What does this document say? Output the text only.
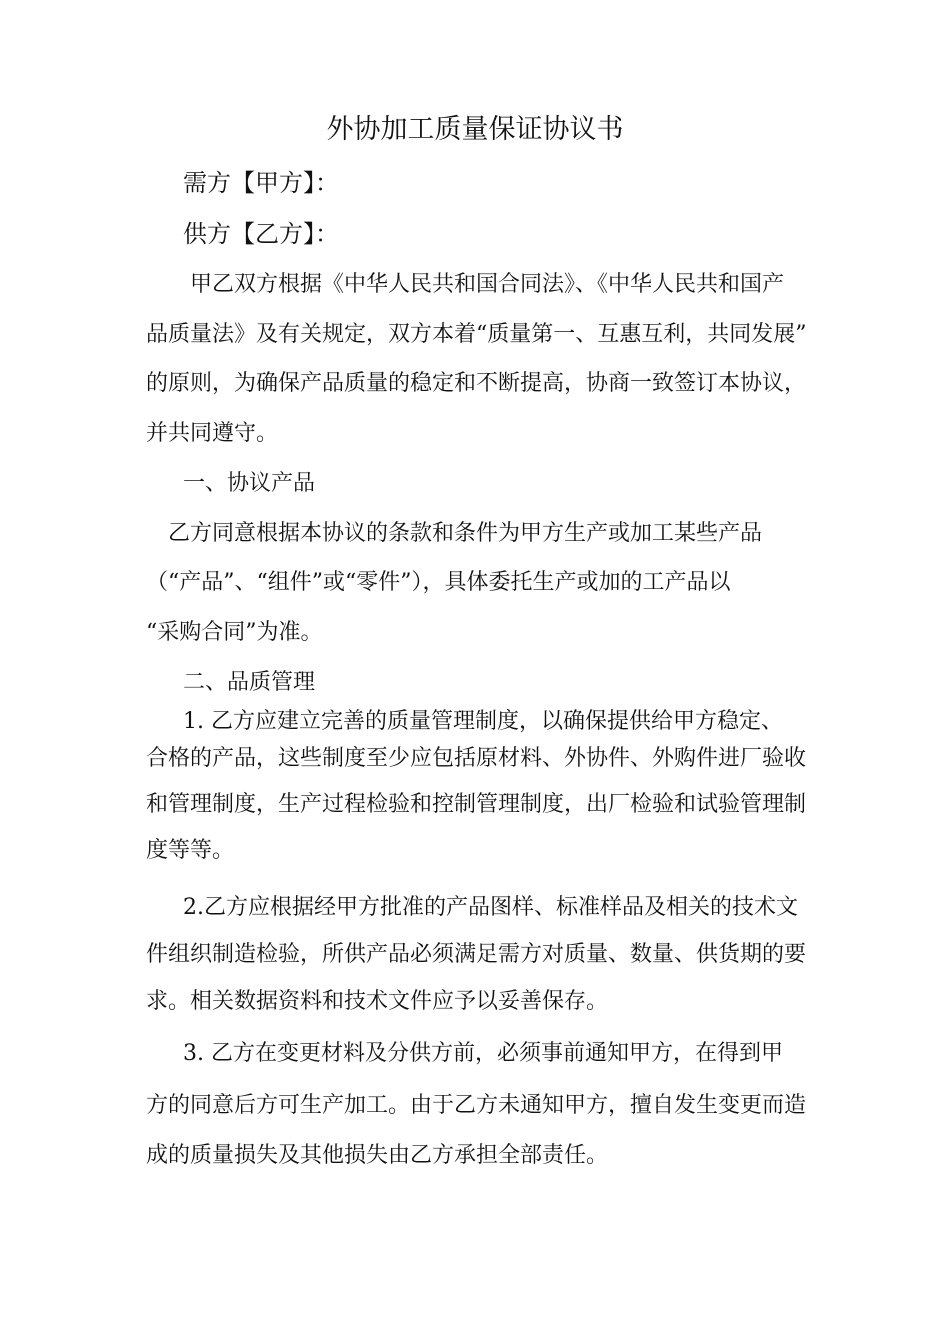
外协加工质量保证协议书
需方【甲方】：
供方【乙方】：
甲乙双方根据《中华人民共和国合同法》、《中华人民共和国产
品质量法》及有关规定，双方本着“质量第一、互惠互利，共同发展”
的原则，为确保产品质量的稳定和不断提高，协商一致签订本协议，
并共同遵守。
一、协议产品
乙方同意根据本协议的条款和条件为甲方生产或加工某些产品
（“产品”、“组件”或“零件”），具体委托生产或加的工产品以
“采购合同”为准。
二、品质管理
1. 乙方应建立完善的质量管理制度，以确保提供给甲方稳定、
合格的产品，这些制度至少应包括原材料、外协件、外购件进厂验收
和管理制度，生产过程检验和控制管理制度，出厂检验和试验管理制
度等等。
2.乙方应根据经甲方批准的产品图样、标准样品及相关的技术文
件组织制造检验，所供产品必须满足需方对质量、数量、供货期的要
求。相关数据资料和技术文件应予以妥善保存。
3. 乙方在变更材料及分供方前，必须事前通知甲方，在得到甲
方的同意后方可生产加工。由于乙方未通知甲方，擅自发生变更而造
成的质量损失及其他损失由乙方承担全部责任。
